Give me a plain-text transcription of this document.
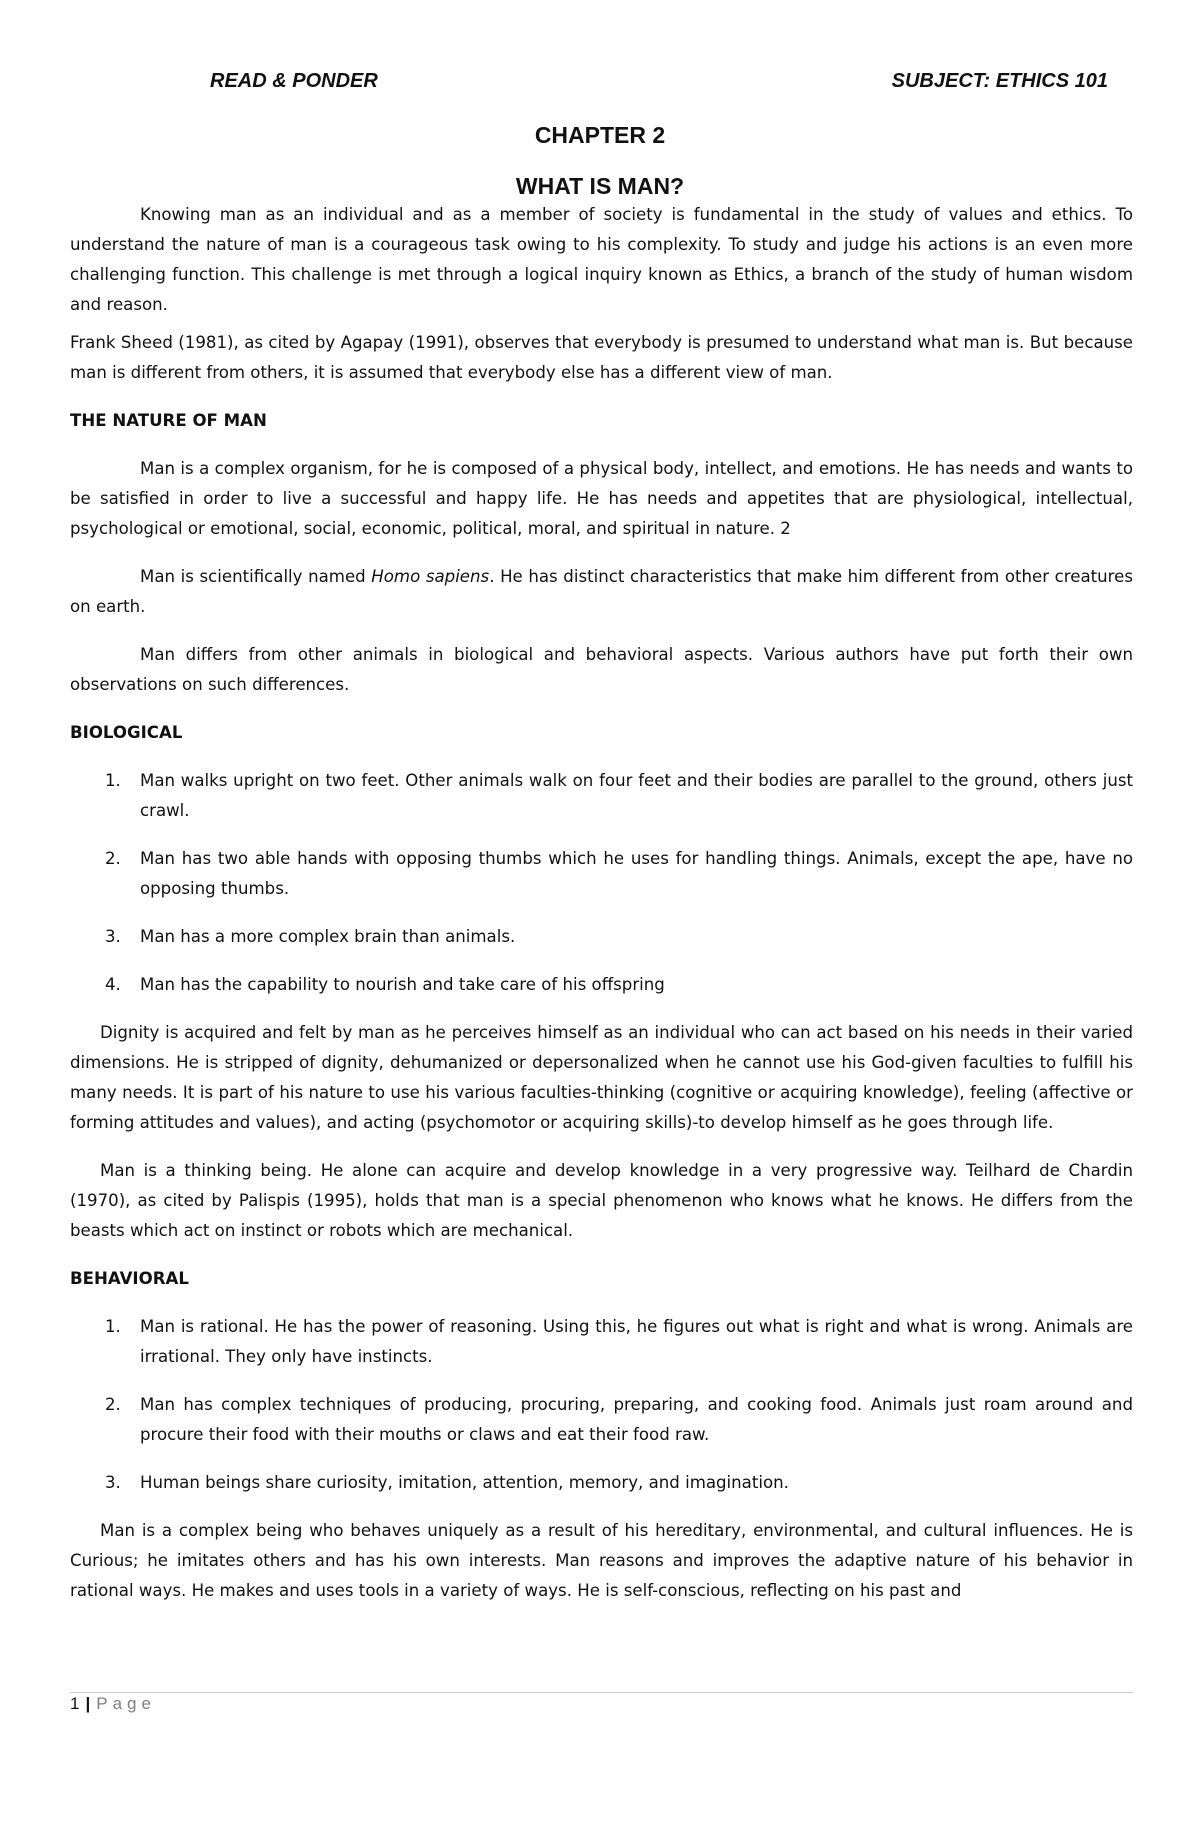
READ & PONDER	SUBJECT: ETHICS 101
CHAPTER 2
WHAT IS MAN?

Knowing man as an individual and as a member of society is fundamental in the study of values and ethics. To understand the nature of man is a courageous task owing to his complexity. To study and judge his actions is an even more challenging function. This challenge is met through a logical inquiry known as Ethics, a branch of the study of human wisdom and reason.

Frank Sheed (1981), as cited by Agapay (1991), observes that everybody is presumed to understand what man is. But because man is different from others, it is assumed that everybody else has a different view of man.

THE NATURE OF MAN

Man is a complex organism, for he is composed of a physical body, intellect, and emotions. He has needs and wants to be satisfied in order to live a successful and happy life. He has needs and appetites that are physiological, intellectual, psychological or emotional, social, economic, political, moral, and spiritual in nature. 2

Man is scientifically named Homo sapiens. He has distinct characteristics that make him different from other creatures on earth.

Man differs from other animals in biological and behavioral aspects. Various authors have put forth their own observations on such differences.

BIOLOGICAL
1. Man walks upright on two feet. Other animals walk on four feet and their bodies are parallel to the ground, others just crawl.
2. Man has two able hands with opposing thumbs which he uses for handling things. Animals, except the ape, have no opposing thumbs.
3. Man has a more complex brain than animals.
4. Man has the capability to nourish and take care of his offspring

Dignity is acquired and felt by man as he perceives himself as an individual who can act based on his needs in their varied dimensions. He is stripped of dignity, dehumanized or depersonalized when he cannot use his God-given faculties to fulfill his many needs. It is part of his nature to use his various faculties-thinking (cognitive or acquiring knowledge), feeling (affective or forming attitudes and values), and acting (psychomotor or acquiring skills)-to develop himself as he goes through life.

Man is a thinking being. He alone can acquire and develop knowledge in a very progressive way. Teilhard de Chardin (1970), as cited by Palispis (1995), holds that man is a special phenomenon who knows what he knows. He differs from the beasts which act on instinct or robots which are mechanical.

BEHAVIORAL
1. Man is rational. He has the power of reasoning. Using this, he figures out what is right and what is wrong. Animals are irrational. They only have instincts.
2. Man has complex techniques of producing, procuring, preparing, and cooking food. Animals just roam around and procure their food with their mouths or claws and eat their food raw.
3. Human beings share curiosity, imitation, attention, memory, and imagination.

Man is a complex being who behaves uniquely as a result of his hereditary, environmental, and cultural influences. He is Curious; he imitates others and has his own interests. Man reasons and improves the adaptive nature of his behavior in rational ways. He makes and uses tools in a variety of ways. He is self-conscious, reflecting on his past and

1 | Page
